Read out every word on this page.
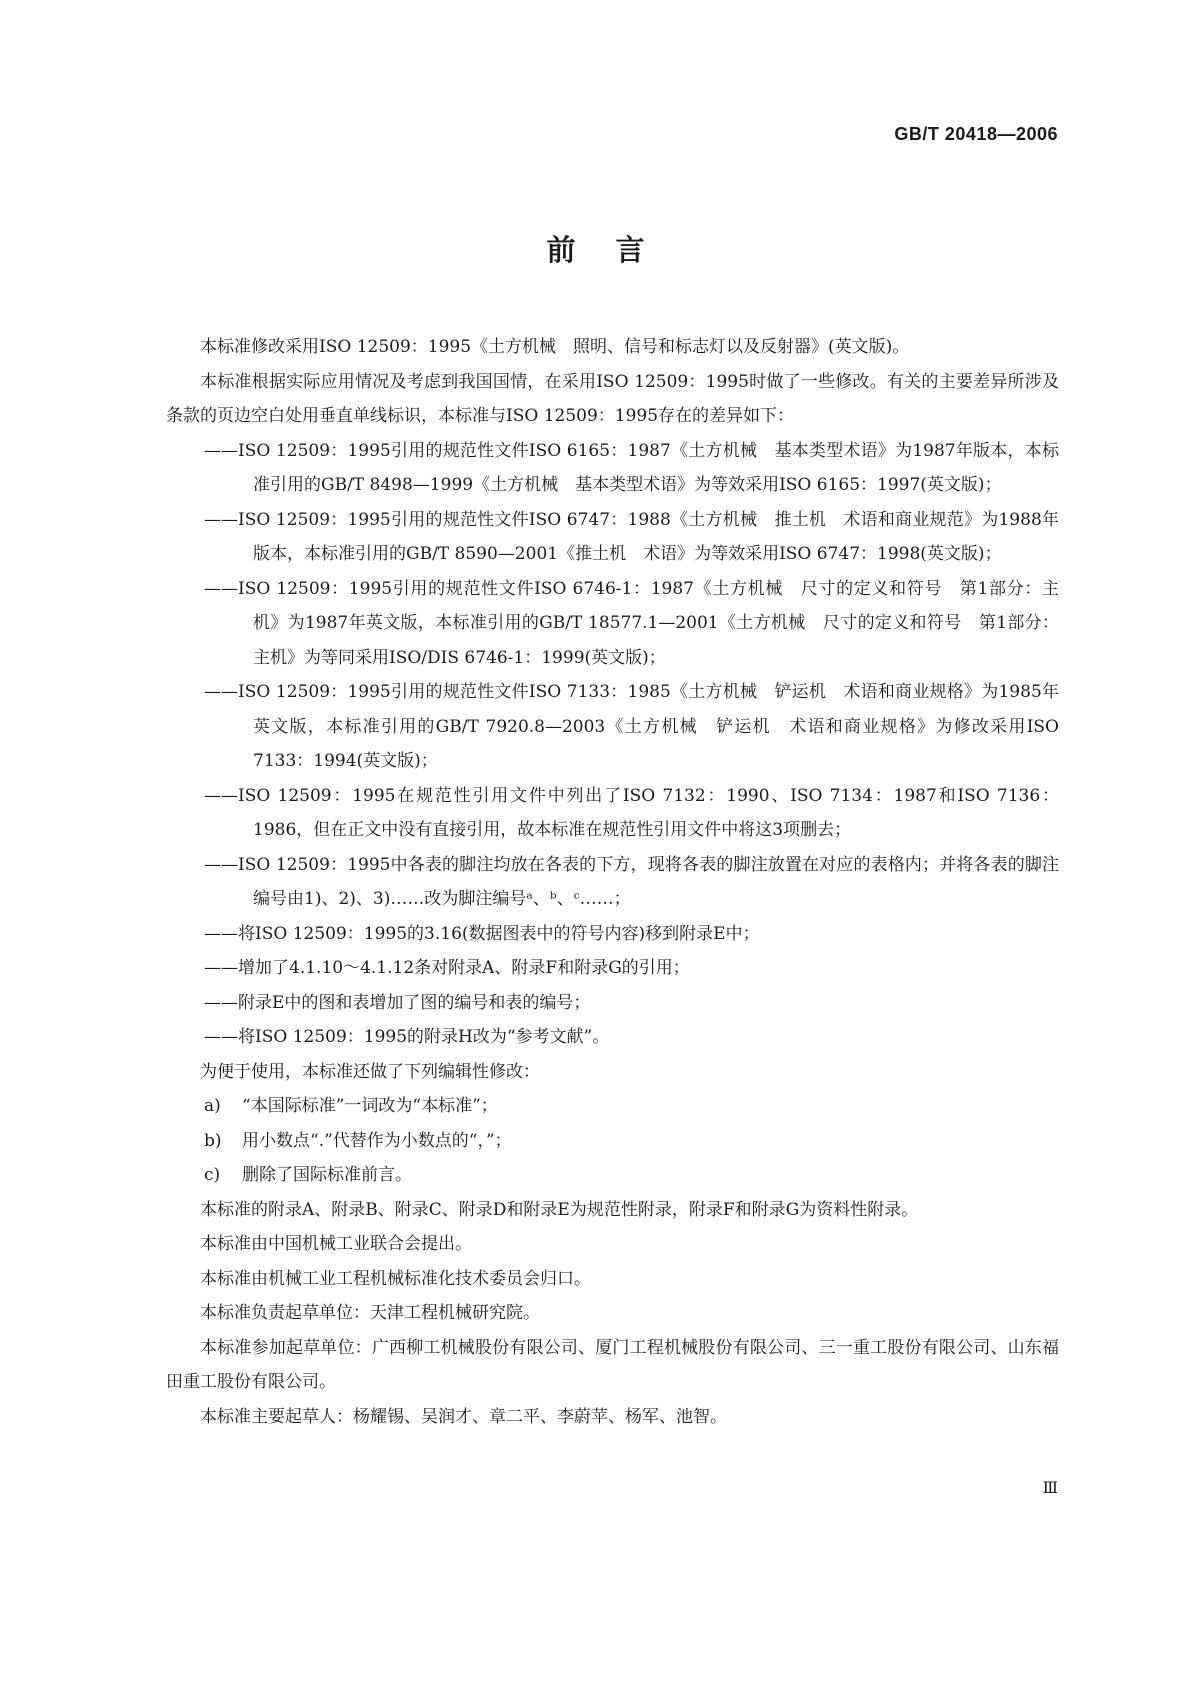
GB/T 20418—2006
前言

本标准修改采用ISO 12509：1995《土方机械　照明、信号和标志灯以及反射器》(英文版)。

本标准根据实际应用情况及考虑到我国国情，在采用ISO 12509：1995时做了一些修改。有关的主要差异所涉及条款的页边空白处用垂直单线标识，本标准与ISO 12509：1995存在的差异如下：

——ISO 12509：1995引用的规范性文件ISO 6165：1987《土方机械　基本类型术语》为1987年版本，本标准引用的GB/T 8498—1999《土方机械　基本类型术语》为等效采用ISO 6165：1997(英文版)；

——ISO 12509：1995引用的规范性文件ISO 6747：1988《土方机械　推土机　术语和商业规范》为1988年版本，本标准引用的GB/T 8590—2001《推土机　术语》为等效采用ISO 6747：1998(英文版)；

——ISO 12509：1995引用的规范性文件ISO 6746-1：1987《土方机械　尺寸的定义和符号　第1部分：主机》为1987年英文版，本标准引用的GB/T 18577.1—2001《土方机械　尺寸的定义和符号　第1部分：主机》为等同采用ISO/DIS 6746-1：1999(英文版)；

——ISO 12509：1995引用的规范性文件ISO 7133：1985《土方机械　铲运机　术语和商业规格》为1985年英文版，本标准引用的GB/T 7920.8—2003《土方机械　铲运机　术语和商业规格》为修改采用ISO 7133：1994(英文版)；

——ISO 12509：1995在规范性引用文件中列出了ISO 7132：1990、ISO 7134：1987和ISO 7136：1986，但在正文中没有直接引用，故本标准在规范性引用文件中将这3项删去；

——ISO 12509：1995中各表的脚注均放在各表的下方，现将各表的脚注放置在对应的表格内；并将各表的脚注编号由1)、2)、3)……改为脚注编号ᵃ、ᵇ、ᶜ……；

——将ISO 12509：1995的3.16(数据图表中的符号内容)移到附录E中；

——增加了4.1.10～4.1.12条对附录A、附录F和附录G的引用；

——附录E中的图和表增加了图的编号和表的编号；

——将ISO 12509：1995的附录H改为“参考文献”。

为便于使用，本标准还做了下列编辑性修改：

a) “本国际标准”一词改为“本标准”；

b) 用小数点“.”代替作为小数点的“，”；

c) 删除了国际标准前言。

本标准的附录A、附录B、附录C、附录D和附录E为规范性附录，附录F和附录G为资料性附录。

本标准由中国机械工业联合会提出。

本标准由机械工业工程机械标准化技术委员会归口。

本标准负责起草单位：天津工程机械研究院。

本标准参加起草单位：广西柳工机械股份有限公司、厦门工程机械股份有限公司、三一重工股份有限公司、山东福田重工股份有限公司。

本标准主要起草人：杨耀锡、吴润才、章二平、李蔚苹、杨军、池智。

Ⅲ
